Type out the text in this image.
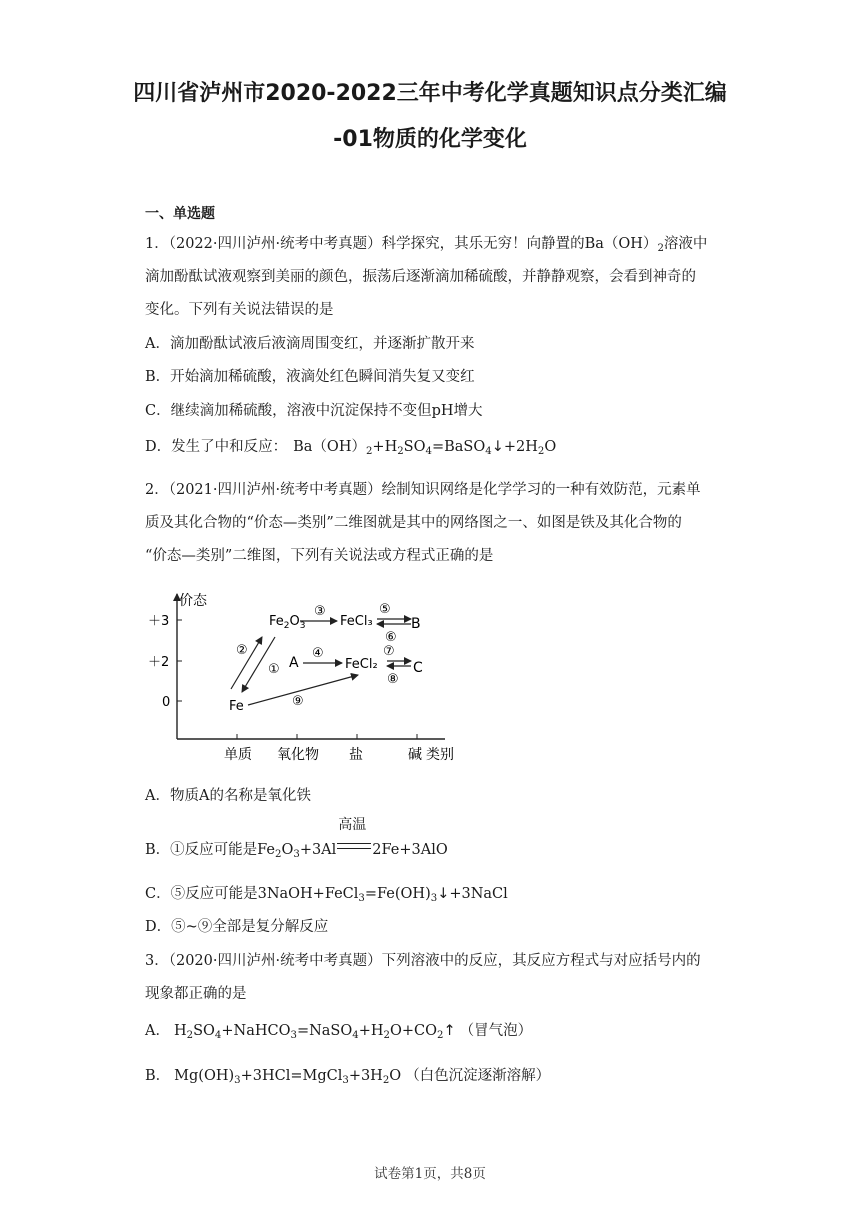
四川省泸州市2020-2022三年中考化学真题知识点分类汇编
-01物质的化学变化
一、单选题
1．（2022·四川泸州·统考中考真题）科学探究，其乐无穷！向静置的$Ba(OH)_2$溶液中
滴加酚酞试液观察到美丽的颜色，振荡后逐渐滴加稀硫酸，并静静观察，会看到神奇的
变化。下列有关说法错误的是
A．滴加酚酞试液后液滴周围变红，并逐渐扩散开来
B．开始滴加稀硫酸，液滴处红色瞬间消失复又变红
C．继续滴加稀硫酸，溶液中沉淀保持不变但pH增大
D．发生了中和反应： $Ba(OH)_2+H_2SO_4=BaSO_4↓+2H_2O$
2．（2021·四川泸州·统考中考真题）绘制知识网络是化学学习的一种有效防范，元素单
质及其化合物的“价态—类别”二维图就是其中的网络图之一、如图是铁及其化合物的
“价态—类别”二维图，下列有关说法或方程式正确的是
价态
＋3
＋2
0
单质 氧化物 盐	碱 类别
$Fe_2O_3$	FeCl₃	B
A	FeCl₂	C
Fe
②
①
③
④
⑤
⑥
⑦
⑧
⑨
A．物质A的名称是氧化铁
B．①反应可能是$Fe_2O_3+3Al$
高温
2Fe+3AlO
C．⑤反应可能是$3NaOH+FeCl_3=Fe(OH)_3↓+3NaCl$
D．⑤~⑨全部是复分解反应
3．（2020·四川泸州·统考中考真题）下列溶液中的反应，其反应方程式与对应括号内的
现象都正确的是
A． $H_2SO_4+NaHCO_3=NaSO_4+H_2O+CO_2↑$ （冒气泡）
B． $Mg(OH)_3+3HCl=MgCl_3+3H_2O$ （白色沉淀逐渐溶解）
试卷第1页，共8页
